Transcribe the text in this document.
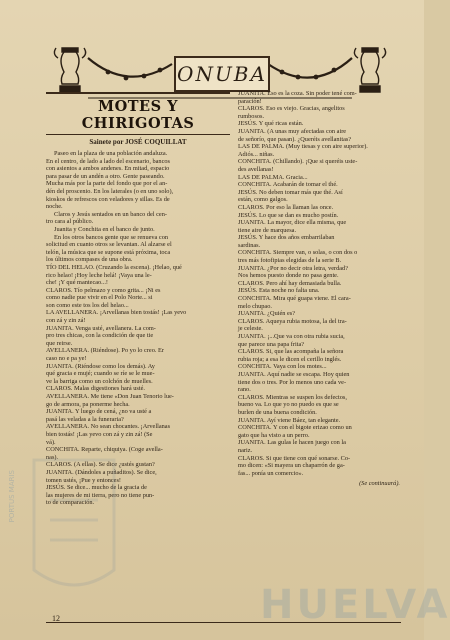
ONUBA
MOTES Y CHIRIGOTAS
Sainete por JOSÉ COQUILLAT

Paseo en la plaza de una población andaluza.

En el centro, de lado a lado del escenario, bancos

con asientos a ambos andenes. En mitad, espacio

para pasar de un andén a otro. Gente paseando.

Mucha más por la parte del fondo que por el an-

dén del proscenio. En los laterales (o en uno solo),

kioskos de refrescos con veladores y sillas. Es de

noche.

Claros y Jesús sentados en un banco del cen-

tro cara al público.

Juanita y Conchita en el banco de junto.

En los otros bancos gente que se renueva con

solicitud en cuanto otros se levantan. Al alzarse el

telón, la música que se supone está próxima, toca

los últimos compases de una obra.

TÍO DEL HELAO. (Cruzando la escena). ¡Helao, qué

rico helao! ¡Hoy leche helá! ¡Vaya una le-

che! ¡Y qué mantecao...!

CLAROS. Tío pelmazo y como grita... ¡Ni es

como nadie pue vivir en el Polo Norte... si

son como este tos los del helao...

LA AVELLANERA. ¡Arvellanas bien tostás! ¡Las yevo

con zá y zin zá!

JUANITA. Venga usté, avellanera. La com-

pro tres chicas, con la condición de que tie

que reirse.

AVELLANERA. (Riéndose). Po yo lo creo. Er

caso no e pa ye!

JUANITA. (Riéndose como los demás). Ay

qué gracia e mujé; cuando se ríe se le mue-

ve la barriga como un colchón de muelles.

CLAROS. Malas digestiones hará usté.

AVELLANERA. Me tiene «Don Juan Tenorio lue-

go de armora, pa ponerme hecha.

JUANITA. Y luego de cená, ¿no va usté a

pasá las veladas a la funeraria?

AVELLANERA. No sean chocantes. ¡Arvellanas

bien tostás! ¡Las yevo con zá y zin zá! (Se

vá).

CONCHITA. Reparte, chiquiya. (Coge avella-

nas).

CLAROS. (A ellas). Se dice ¿ustés gustan?

JUANITA. (Dándoles a puñaditos). Se dice,

tomen ustés, ¡Pue y entonces!

JESÚS. Se dice... mucho de la gracia de

las mujeres de mi tierra, pero no tiene pun-

to de comparación.

JUANITA. Eso es la coza. Sin poder tené com-

paración!

CLAROS. Eso es viejo. Gracias, angelitos

rumbosos.

JESÚS. Y qué ricas están.

JUANITA. (A unas muy afectadas con aire

de señorío, que pasan). ¿Queréis avellanitas?

LAS DE PALMA. (Muy tiesas y con aire superior).

Adiós... niñas.

CONCHITA. (Chillando). ¡Que si queréis uste-

des avellanas!

LAS DE PALMA. Gracia...

CONCHITA. Acabarán de tomar el thé.

JESÚS. No deben tomar más que thé. Así

están, como galgos.

CLAROS. Por eso la llaman las once.

JESÚS. Lo que se dan es mucho postín.

JUANITA. La mayor, dice ella misma, que

tiene aire de marquesa.

JESÚS. Y hace dos años embarrilaban

sardinas.

CONCHITA. Siempre van, o solas, o con dos o

tres más fotofipias elegidas de la serie B.

JUANITA. ¿Por no decir otra letra, verdad?

Nos hemos puesto donde no pasa gente.

CLAROS. Pero ahí hay demasiada bulla.

JESÚS. Esta noche no falta una.

CONCHITA. Mira qué guapa viene. El cara-

melo chupao.

JUANITA. ¿Quién es?

CLAROS. Aqueya rubia motosa, la del tra-

je celeste.

JUANITA. ¡...Que va con otra rubia sucia,

que parece una papa frita?

CLAROS. Si, que las acompaña la señora

rubia roja; a esa le dicen el cerillo inglés.

CONCHITA. Vaya con los motes...

JUANITA. Aquí nadie se escapa. Hoy quien

tiene dos o tres. Por lo menos uno cada ve-

rano.

CLAROS. Mientras se suspen los defectos,

bueno va. Lo que yo no puedo es que se

burlen de una buena condición.

JUANITA. Ayí viene Báez, tan elegante.

CONCHITA. Y con el bigote erizao como un

gato que ha visto a un perro.

JUANITA. Las gulas le hacen juego con la

nariz.

CLAROS. Si que tiene con qué sonarse. Co-

mo dicen: «Si mayera un chaparrón de ga-

fas... ponía un comercio».

(Se continuará).
PORTUS MARIS
HUELVA
12
